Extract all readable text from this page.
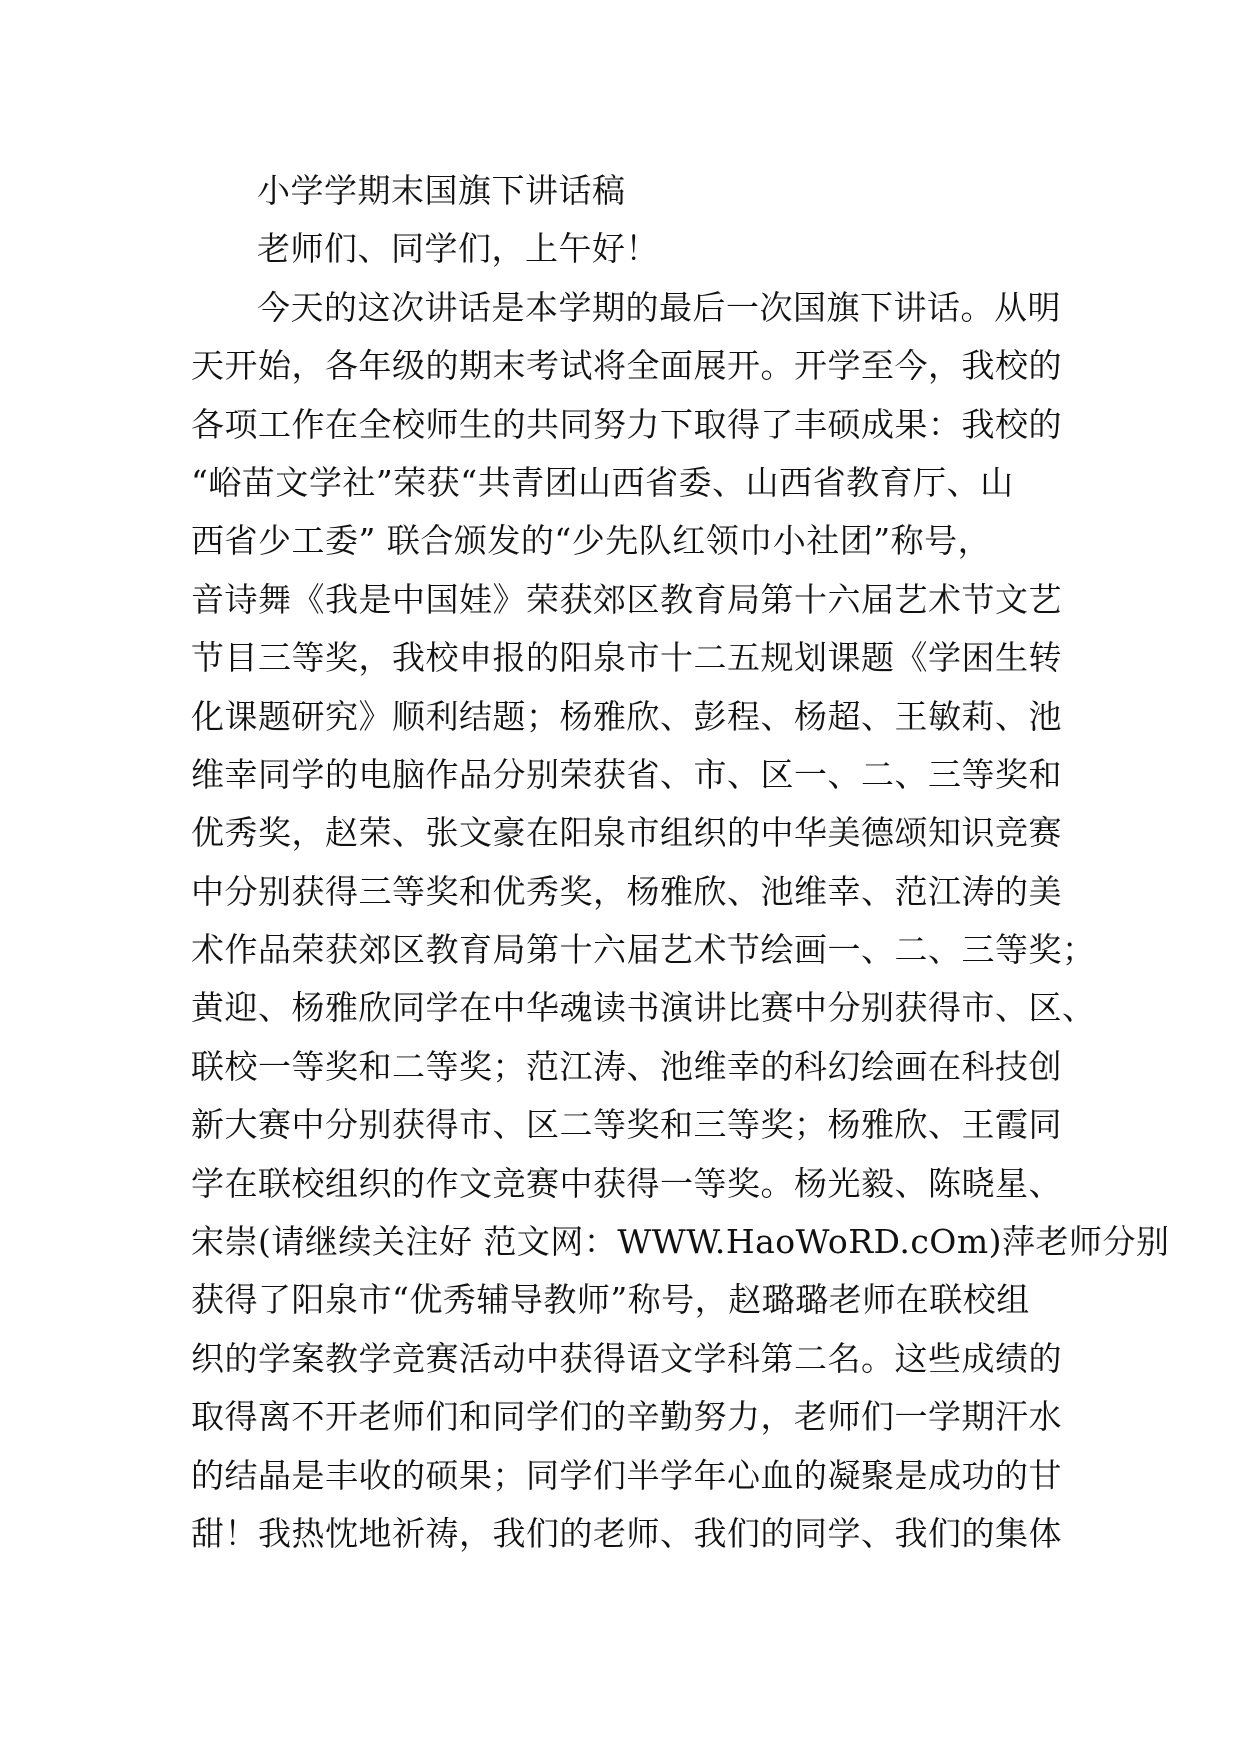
小学学期末国旗下讲话稿
老师们、同学们，上午好！
今天的这次讲话是本学期的最后一次国旗下讲话。从明
天开始，各年级的期末考试将全面展开。开学至今，我校的
各项工作在全校师生的共同努力下取得了丰硕成果：我校的
“峪苗文学社”荣获“共青团山西省委、山西省教育厅、山
西省少工委” 联合颁发的“少先队红领巾小社团”称号，
音诗舞《我是中国娃》荣获郊区教育局第十六届艺术节文艺
节目三等奖，我校申报的阳泉市十二五规划课题《学困生转
化课题研究》顺利结题；杨雅欣、彭程、杨超、王敏莉、池
维幸同学的电脑作品分别荣获省、市、区一、二、三等奖和
优秀奖，赵荣、张文豪在阳泉市组织的中华美德颂知识竞赛
中分别获得三等奖和优秀奖，杨雅欣、池维幸、范江涛的美
术作品荣获郊区教育局第十六届艺术节绘画一、二、三等奖；
黄迎、杨雅欣同学在中华魂读书演讲比赛中分别获得市、区、
联校一等奖和二等奖；范江涛、池维幸的科幻绘画在科技创
新大赛中分别获得市、区二等奖和三等奖；杨雅欣、王霞同
学在联校组织的作文竞赛中获得一等奖。杨光毅、陈晓星、
宋崇(请继续关注好 范文网：WWW.HaoWoRD.cOm)萍老师分别
获得了阳泉市“优秀辅导教师”称号，赵璐璐老师在联校组
织的学案教学竞赛活动中获得语文学科第二名。这些成绩的
取得离不开老师们和同学们的辛勤努力，老师们一学期汗水
的结晶是丰收的硕果；同学们半学年心血的凝聚是成功的甘
甜！我热忱地祈祷，我们的老师、我们的同学、我们的集体
